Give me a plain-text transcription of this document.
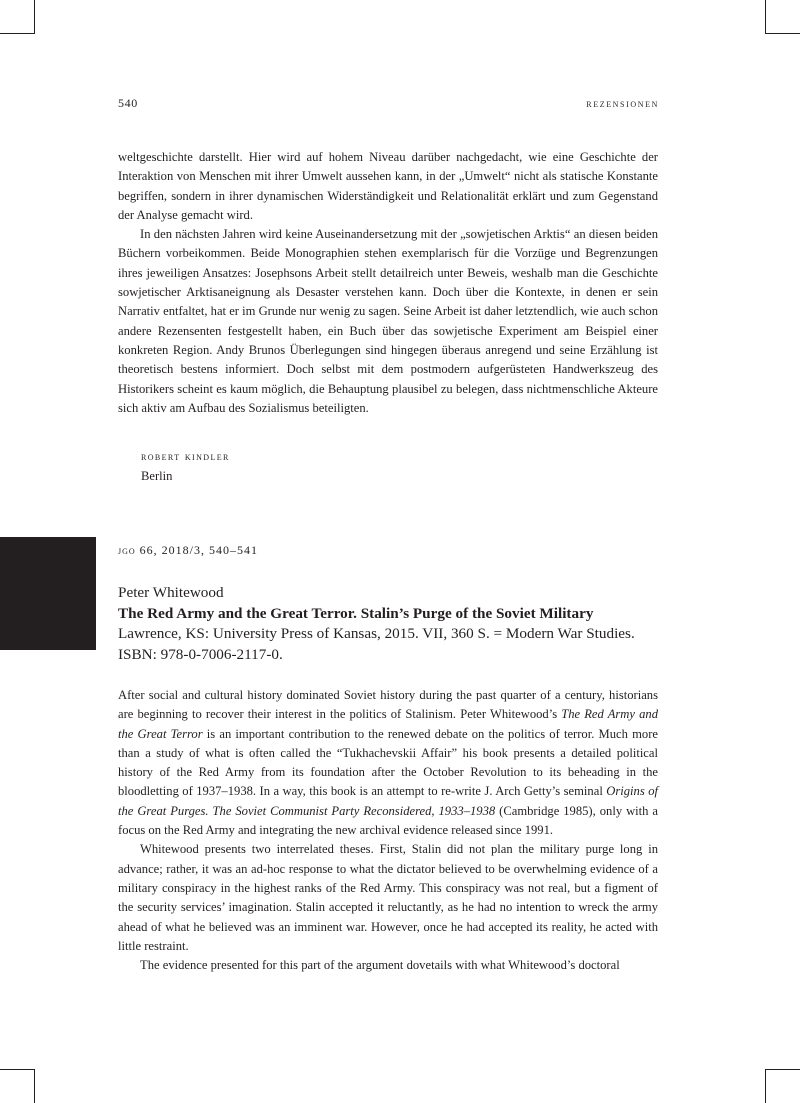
540	rezensionen

weltgeschichte darstellt. Hier wird auf hohem Niveau darüber nachgedacht, wie eine Geschichte der Interaktion von Menschen mit ihrer Umwelt aussehen kann, in der „Umwelt“ nicht als statische Konstante begriffen, sondern in ihrer dynamischen Widerständigkeit und Relationalität erklärt und zum Gegenstand der Analyse gemacht wird.

In den nächsten Jahren wird keine Auseinandersetzung mit der „sowjetischen Arktis“ an diesen beiden Büchern vorbeikommen. Beide Monographien stehen exemplarisch für die Vorzüge und Begrenzungen ihres jeweiligen Ansatzes: Josephsons Arbeit stellt detailreich unter Beweis, weshalb man die Geschichte sowjetischer Arktisaneignung als Desaster verstehen kann. Doch über die Kontexte, in denen er sein Narrativ entfaltet, hat er im Grunde nur wenig zu sagen. Seine Arbeit ist daher letztendlich, wie auch schon andere Rezensenten festgestellt haben, ein Buch über das sowjetische Experiment am Beispiel einer konkreten Region. Andy Brunos Überlegungen sind hingegen überaus anregend und seine Erzählung ist theoretisch bestens informiert. Doch selbst mit dem postmodern aufgerüsteten Handwerkszeug des Historikers scheint es kaum möglich, die Behauptung plausibel zu belegen, dass nichtmenschliche Akteure sich aktiv am Aufbau des Sozialismus beteiligten.

robert kindler
Berlin
jgo 66, 2018/3, 540–541
Peter Whitewood
The Red Army and the Great Terror. Stalin’s Purge of the Soviet Military
Lawrence, KS: University Press of Kansas, 2015. VII, 360 S. = Modern War Studies.
ISBN: 978-0-7006-2117-0.

After social and cultural history dominated Soviet history during the past quarter of a century, historians are beginning to recover their interest in the politics of Stalinism. Peter Whitewood’s The Red Army and the Great Terror is an important contribution to the renewed debate on the politics of terror. Much more than a study of what is often called the “Tukhachevskii Affair” his book presents a detailed political history of the Red Army from its foundation after the October Revolution to its beheading in the bloodletting of 1937–1938. In a way, this book is an attempt to re-write J. Arch Getty’s seminal Origins of the Great Purges. The Soviet Communist Party Reconsidered, 1933–1938 (Cambridge 1985), only with a focus on the Red Army and integrating the new archival evidence released since 1991.

Whitewood presents two interrelated theses. First, Stalin did not plan the military purge long in advance; rather, it was an ad-hoc response to what the dictator believed to be overwhelming evidence of a military conspiracy in the highest ranks of the Red Army. This conspiracy was not real, but a figment of the security services’ imagination. Stalin accepted it reluctantly, as he had no intention to wreck the army ahead of what he believed was an imminent war. However, once he had accepted its reality, he acted with little restraint.

The evidence presented for this part of the argument dovetails with what Whitewood’s doctoral
